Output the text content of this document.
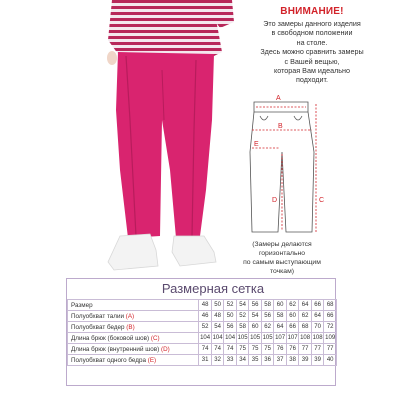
ВНИМАНИЕ!
Это замеры данного изделия
в свободном положении
на столе.
Здесь можно сравнить замеры
с Вашей вещью,
которая Вам идеально
подходит.
A
B
E
D	C
(Замеры делаются
горизонтально
по самым выступающим
точкам)
Размерная сетка
Размер	48	50	52	54	56	58	60	62	64	66	68
Полуобхват талии (A)	46	48	50	52	54	56	58	60	62	64	66
Полуобхват бедер (B)	52	54	56	58	60	62	64	66	68	70	72
Длина брюк (боковой шов) (C)	104	104	104	105	105	105	107	107	108	108	109
Длина брюк (внутренний шов) (D)	74	74	74	75	75	75	76	76	77	77	77
Полуобхват одного бедра (E)	31	32	33	34	35	36	37	38	39	39	40
